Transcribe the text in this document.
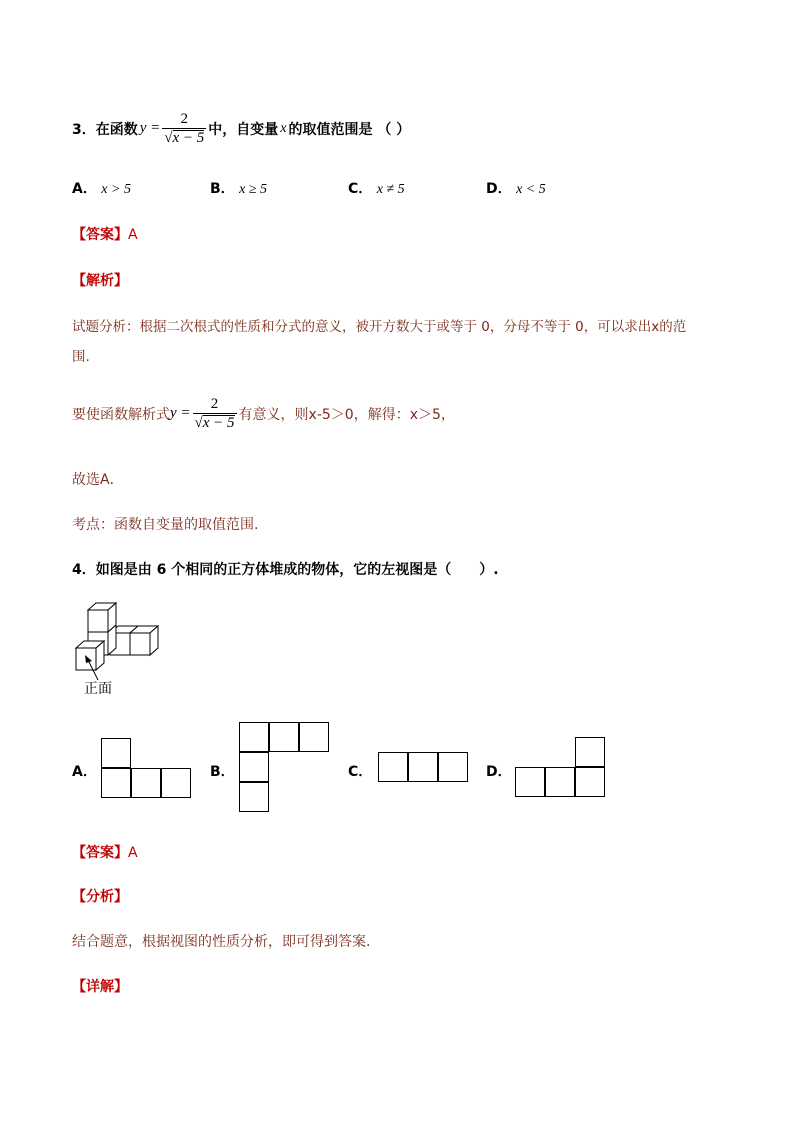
3． 在函数 $y = \frac{2}{√x - 5}$ 中，自变量 x 的取值范围是 （ ）
A． x > 5	B． x ≥ 5	C． x ≠ 5	D． x < 5
【答案】A
【解析】
试题分析：根据二次根式的性质和分式的意义，被开方数大于或等于 0，分母不等于 0，可以求出x的范
围.
要使函数解析式 $y = \frac{2}{√x - 5}$ 有意义，则x-5＞0，解得：x＞5，
故选A．
考点：函数自变量的取值范围.
4．如图是由 6 个相同的正方体堆成的物体，它的左视图是（　　）.
正面
A．	B．	C．	D．
【答案】A
【分析】
结合题意，根据视图的性质分析，即可得到答案.
【详解】
